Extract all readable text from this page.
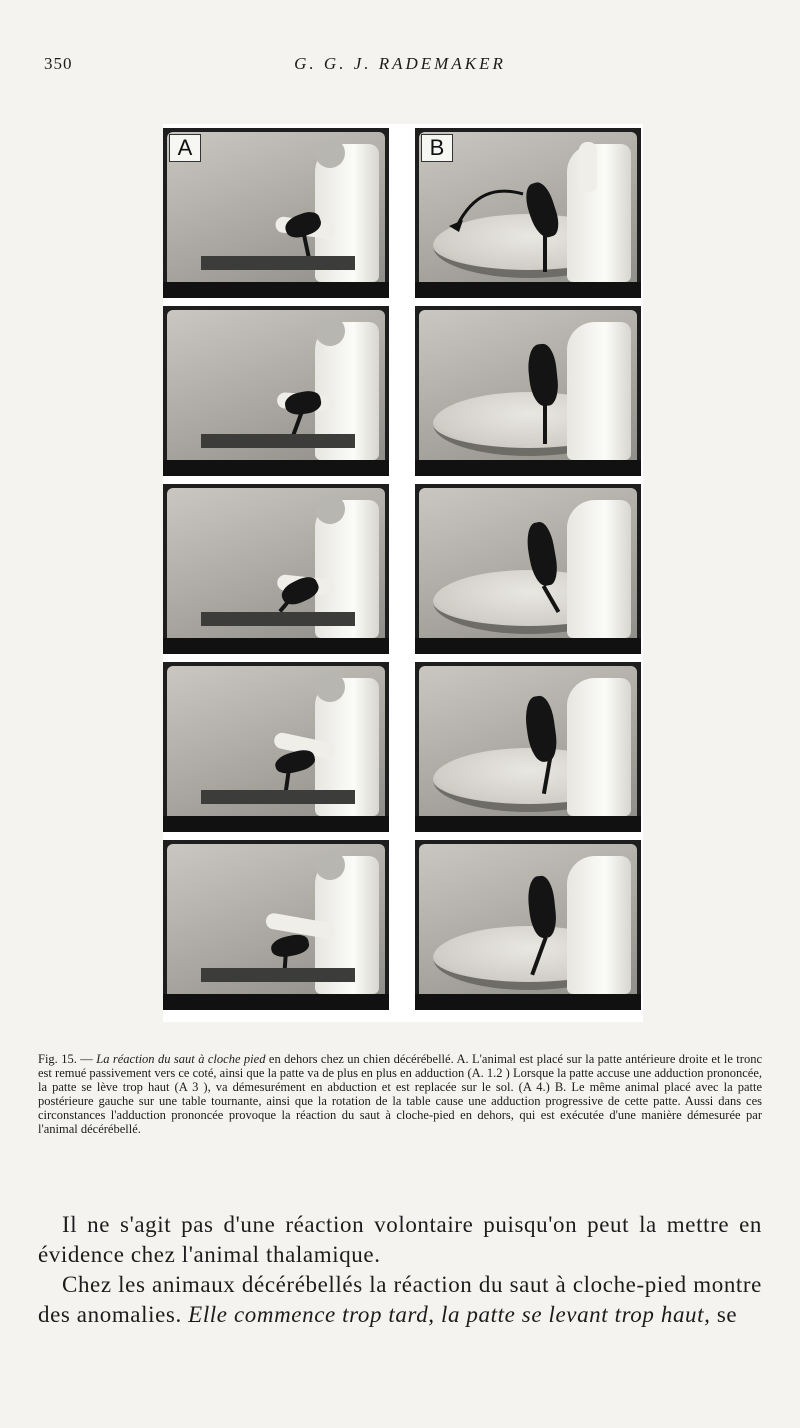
350	G. G. J. RADEMAKER
A	B
Fig. 15. — La réaction du saut à cloche pied en dehors chez un chien décérébellé. A. L'animal est placé sur la patte antérieure droite et le tronc est remué passivement vers ce coté, ainsi que la patte va de plus en plus en adduction (A. 1.2 ) Lorsque la patte accuse une adduction prononcée, la patte se lève trop haut (A 3 ), va démesurément en abduction et est replacée sur le sol. (A 4.) B. Le même animal placé avec la patte postérieure gauche sur une table tournante, ainsi que la rotation de la table cause une adduction progressive de cette patte. Aussi dans ces circonstances l'adduction prononcée provoque la réaction du saut à cloche-pied en dehors, qui est exécutée d'une manière démesurée par l'animal décérébellé.

Il ne s'agit pas d'une réaction volontaire puisqu'on peut la mettre en évidence chez l'animal thalamique.

Chez les animaux décérébellés la réaction du saut à cloche-pied montre des anomalies. Elle commence trop tard, la patte se levant trop haut, se
